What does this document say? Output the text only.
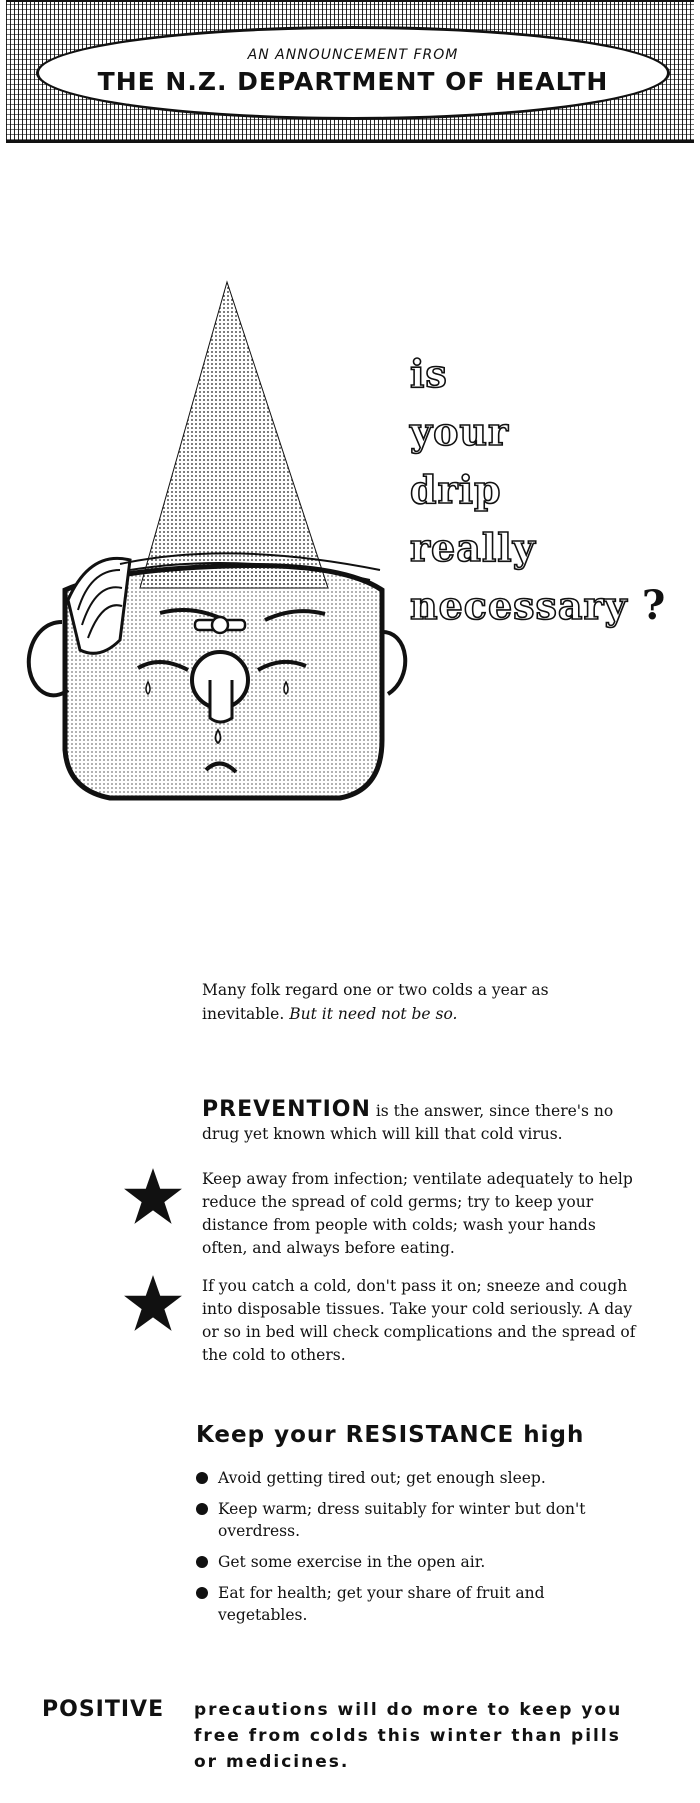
AN ANNOUNCEMENT FROM
THE N.Z. DEPARTMENT OF HEALTH
is
your
drip
really
necessary ?
Many folk regard one or two colds a year as inevitable. But it need not be so.
PREVENTION is the answer, since there's no drug yet known which will kill that cold virus.
Keep away from infection; ventilate adequately to help reduce the spread of cold germs; try to keep your distance from people with colds; wash your hands often, and always before eating.
If you catch a cold, don't pass it on; sneeze and cough into disposable tissues. Take your cold seriously. A day or so in bed will check complications and the spread of the cold to others.
Keep your RESISTANCE high
Avoid getting tired out; get enough sleep.
Keep warm; dress suitably for winter but don't overdress.
Get some exercise in the open air.
Eat for health; get your share of fruit and vegetables.
POSITIVE precautions will do more to keep you free from colds this winter than pills or medicines.
